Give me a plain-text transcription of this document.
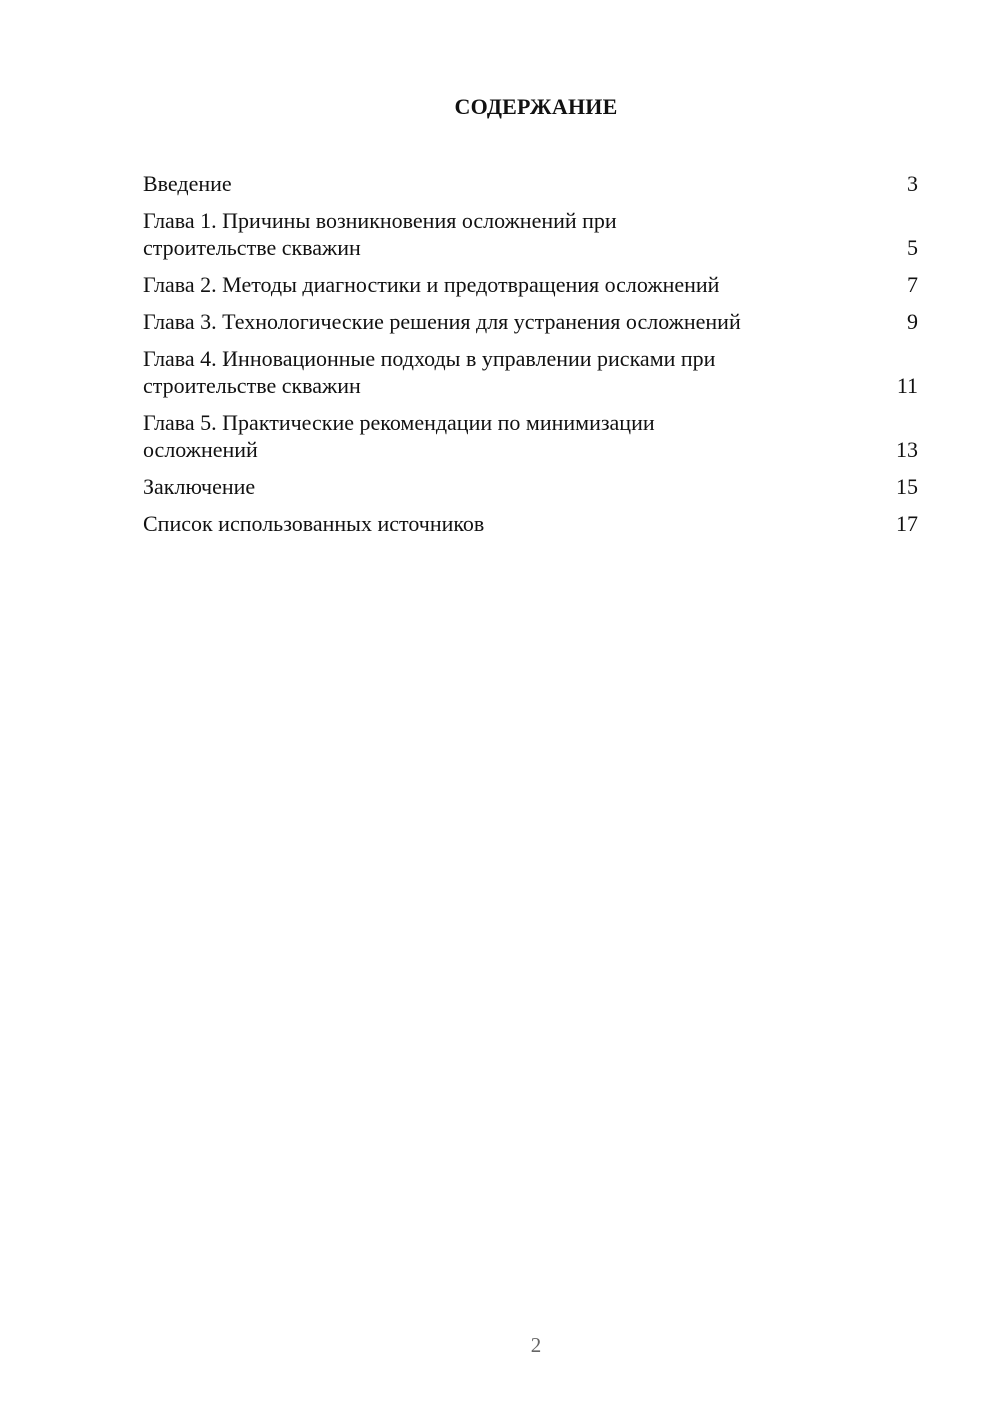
СОДЕРЖАНИЕ
Введение	3
Глава 1. Причины возникновения осложнений при строительстве скважин	5
Глава 2. Методы диагностики и предотвращения осложнений	7
Глава 3. Технологические решения для устранения осложнений	9
Глава 4. Инновационные подходы в управлении рисками при строительстве скважин	11
Глава 5. Практические рекомендации по минимизации осложнений	13
Заключение	15
Список использованных источников	17
2
